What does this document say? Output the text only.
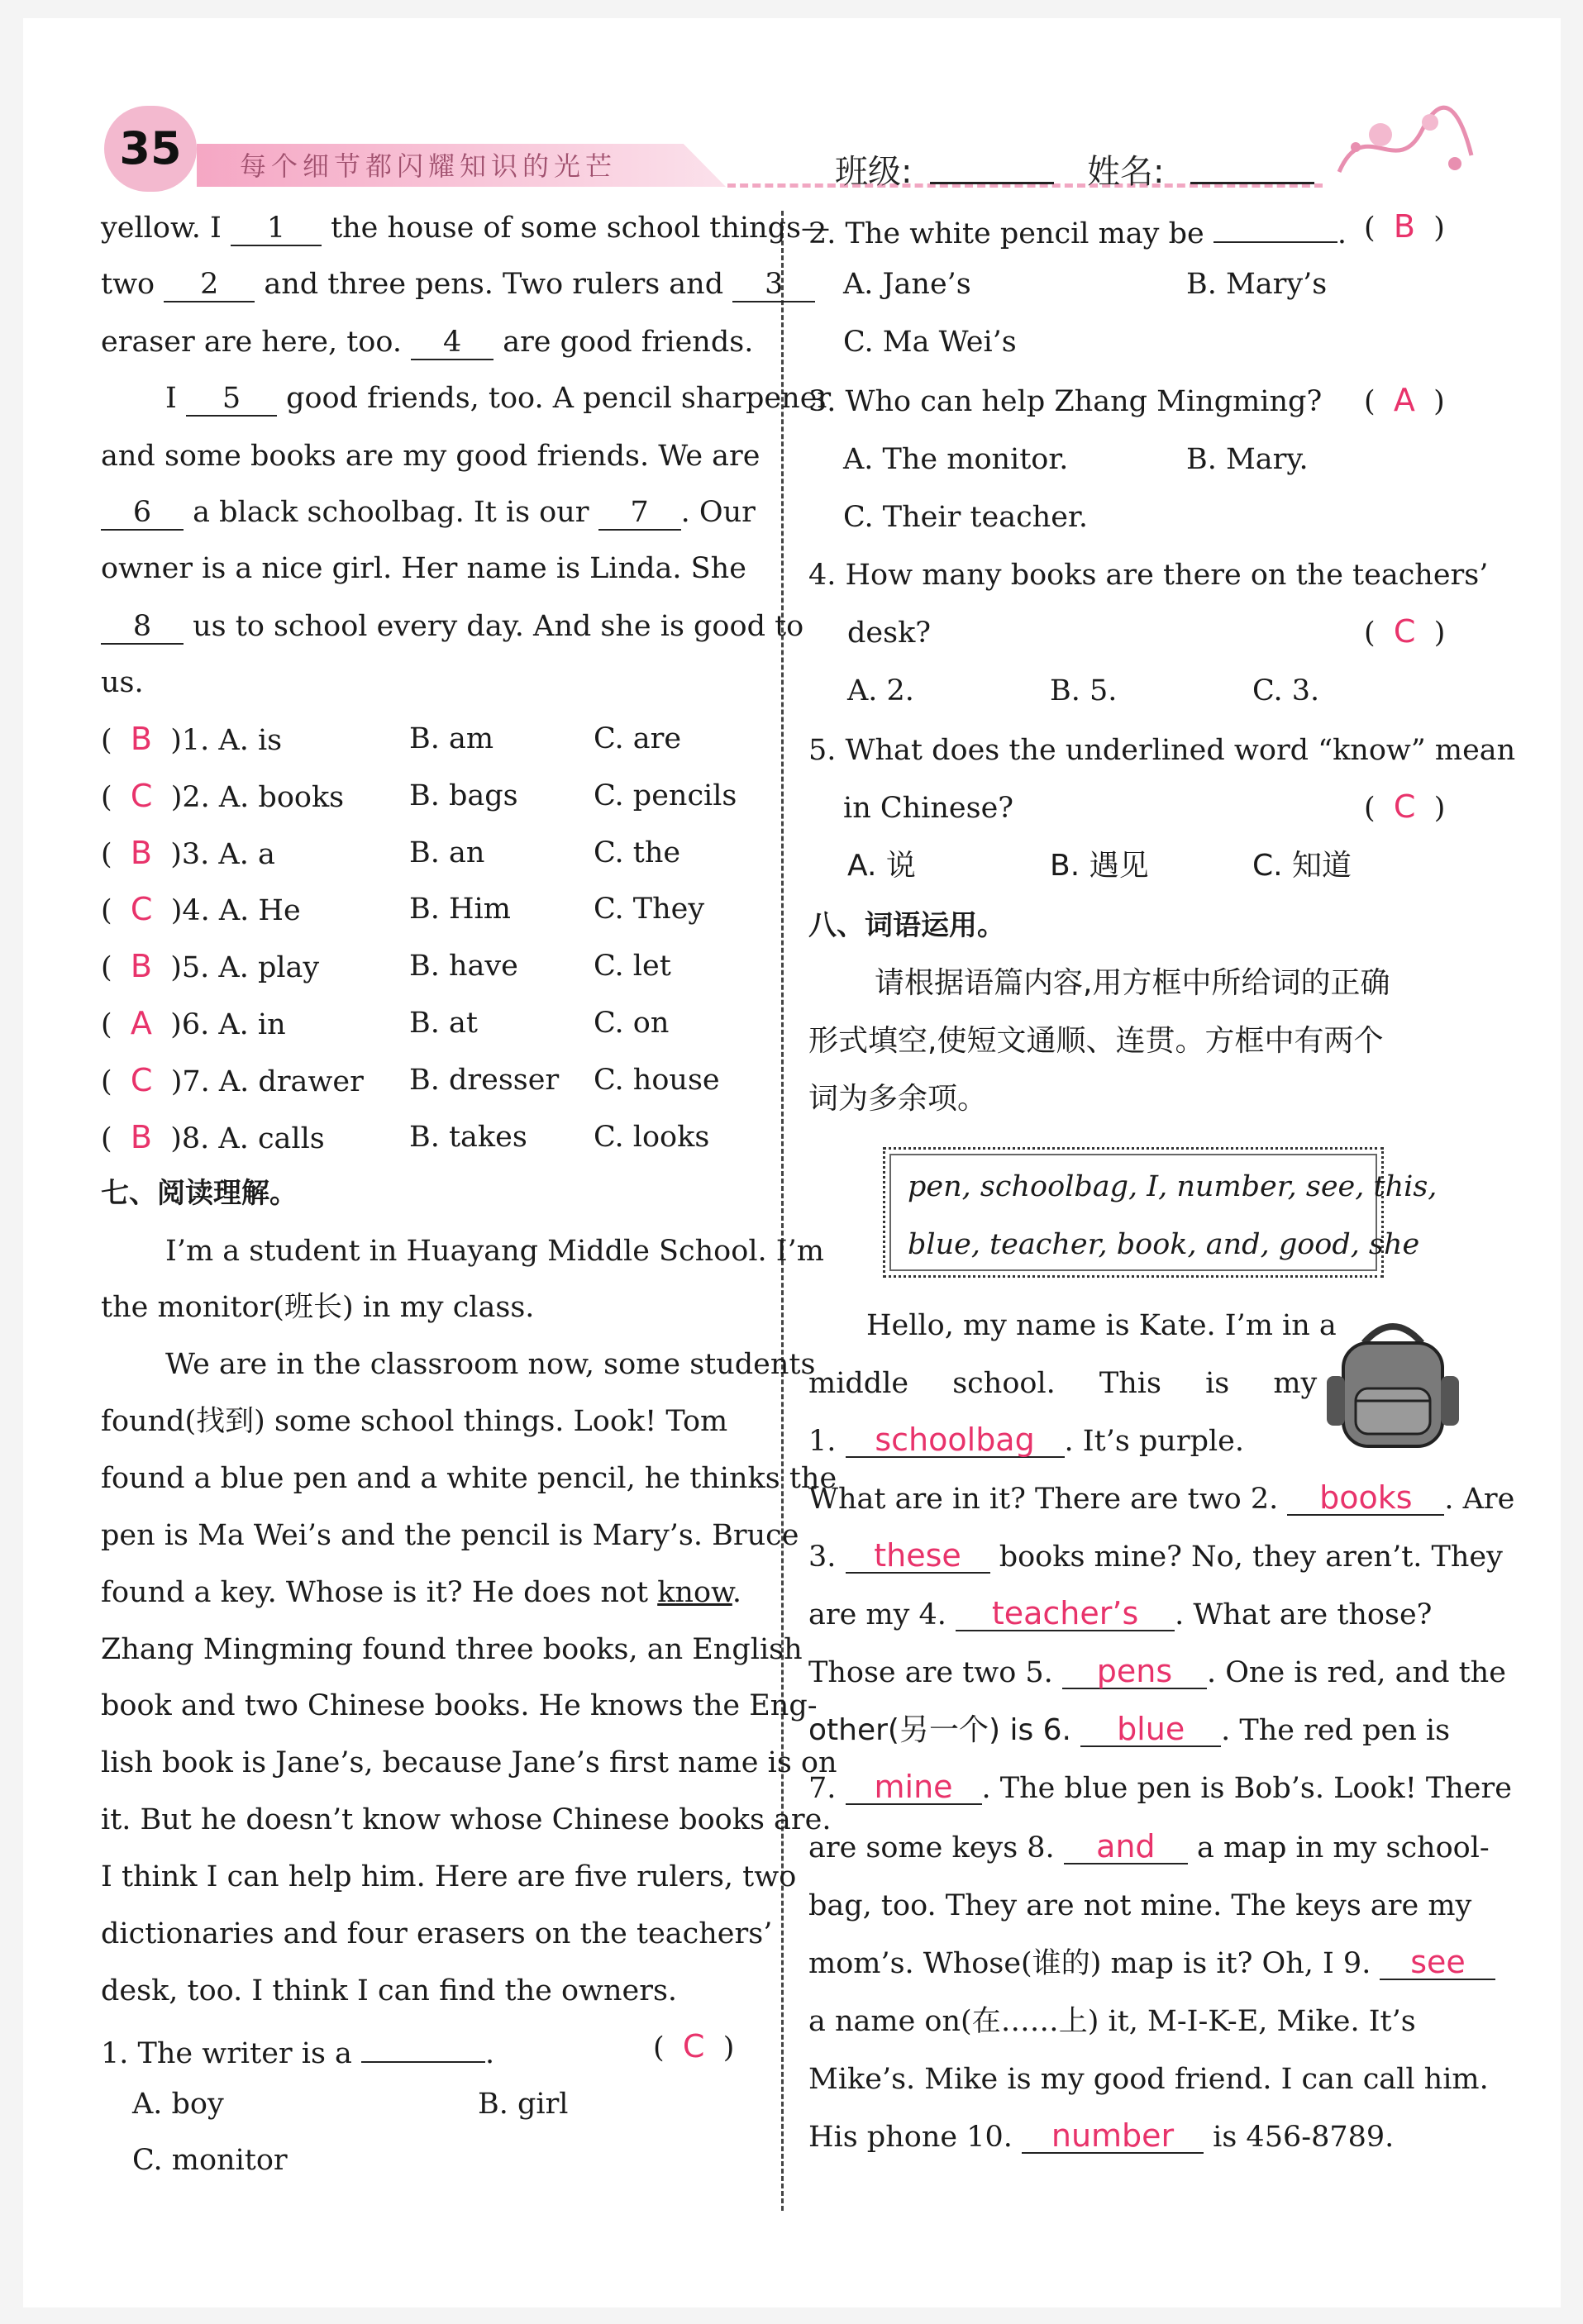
35	每个细节都闪耀知识的光芒	班级:	姓名:
yellow. I 1 the house of some school things—
two 2 and three pens. Two rulers and 3
eraser are here, too. 4 are good friends.
I 5 good friends, too. A pencil sharpener
and some books are my good friends. We are
6 a black schoolbag. It is our 7 . Our
owner is a nice girl. Her name is Linda. She
8 us to school every day. And she is good to
us.
(  B )1. A. is	B. am	C. are
(  C )2. A. books B. bags	C. pencils
(  B )3. A. a	B. an	C. the
(  C )4. A. He	B. Him	C. They
(  B )5. A. play	B. have	C. let
(  A )6. A. in	B. at	C. on
(  C )7. A. drawer B. dresser C. house
(  B )8. A. calls	B. takes C. looks
七、阅读理解。
I’m a student in Huayang Middle School. I’m
the monitor(班长) in my class.
We are in the classroom now, some students
found(找到) some school things. Look! Tom
found a blue pen and a white pencil, he thinks the
pen is Ma Wei’s and the pencil is Mary’s. Bruce
found a key. Whose is it? He does not know.
Zhang Mingming found three books, an English
book and two Chinese books. He knows the Eng-
lish book is Jane’s, because Jane’s first name is on
it. But he doesn’t know whose Chinese books are.
I think I can help him. Here are five rulers, two
dictionaries and four erasers on the teachers’
desk, too. I think I can find the owners.
1. The writer is a	.	(  C  )
A. boy	B. girl
C. monitor
2. The white pencil may be	. (  B  )
A. Jane’s	B. Mary’s
C. Ma Wei’s
3. Who can help Zhang Mingming? (  A  )
A. The monitor.	B. Mary.
C. Their teacher.
4. How many books are there on the teachers’
desk?	(  C  )
A. 2.	B. 5.	C. 3.
5. What does the underlined word “know” mean
in Chinese?	(  C  )
A. 说	B. 遇见	C. 知道
八、词语运用。
请根据语篇内容,用方框中所给词的正确
形式填空,使短文通顺、连贯。方框中有两个
词为多余项。
pen, schoolbag, I, number, see, this,
blue, teacher, book, and, good, she
Hello, my name is Kate. I’m in a
middle school. This is my
1. schoolbag . It’s purple.
What are in it? There are two 2. books . Are
3. these books mine? No, they aren’t. They
are my 4. teacher’s . What are those?
Those are two 5. pens . One is red, and the
other(另一个) is 6. blue . The red pen is
7. mine . The blue pen is Bob’s. Look! There
are some keys 8. and a map in my school-
bag, too. They are not mine. The keys are my
mom’s. Whose(谁的) map is it? Oh, I 9. see
a name on(在……上) it, M-I-K-E, Mike. It’s
Mike’s. Mike is my good friend. I can call him.
His phone 10. number is 456-8789.
